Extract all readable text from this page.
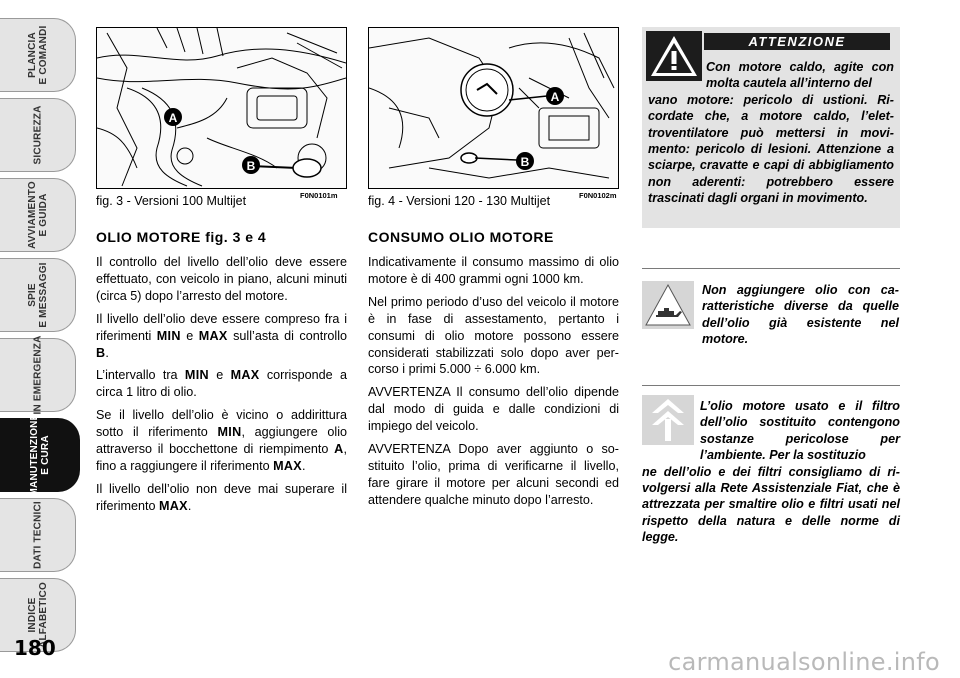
PLANCIA
E COMANDI
SICUREZZA
AVVIAMENTO
E GUIDA
SPIE
E MESSAGGI
IN EMERGENZA
MANUTENZIONE
E CURA
DATI TECNICI
INDICE
ALFABETICO
180
A
B
fig. 3 - Versioni 100 Multijet	F0N0101m
A
B
fig. 4 - Versioni 120 - 130 Multijet	F0N0102m
OLIO MOTORE fig. 3 e 4

Il controllo del livello dell’olio deve essere effettuato, con veicolo in piano, alcuni minuti (circa 5) dopo l’arresto del motore.

Il livello dell’olio deve essere compreso fra i riferimenti MIN e MAX sull’asta di controllo B.

L’intervallo tra MIN e MAX corrisponde a circa 1 litro di olio.

Se il livello dell’olio è vicino o addirittura sotto il riferimento MIN, aggiungere olio attraverso il bocchettone di riempimento A, fino a raggiungere il riferimento MAX.

Il livello dell’olio non deve mai superare il riferimento MAX.

CONSUMO OLIO MOTORE

Indicativamente il consumo massimo di olio motore è di 400 grammi ogni 1000 km.

Nel primo periodo d’uso del veicolo il motore è in fase di assestamento, pertanto i consumi di olio motore possono essere considerati stabilizzati solo dopo aver percorso i primi 5.000 ÷ 6.000 km.

AVVERTENZA Il consumo dell’olio dipende dal modo di guida e dalle condizioni di impiego del veicolo.

AVVERTENZA Dopo aver aggiunto o sostituito l’olio, prima di verificarne il livello, fare girare il motore per alcuni secondi ed attendere qualche minuto dopo l’arresto.

ATTENZIONE
Con motore caldo, agite con molta cautela all’interno del
vano motore: pericolo di ustioni. Ricordate che, a motore caldo, l’elettroventilatore può mettersi in movimento: pericolo di lesioni. Attenzione a sciarpe, cravatte e capi di abbigliamento non aderenti: potrebbero essere trascinati dagli organi in movimento.
Non aggiungere olio con caratteristiche diverse da quelle dell’olio già esistente nel motore.
L’olio motore usato e il filtro dell’olio sostituito contengono sostanze pericolose per l’ambiente. Per la sostituzio
ne dell’olio e dei filtri consigliamo di rivolgersi alla Rete Assistenziale Fiat, che è attrezzata per smaltire olio e filtri usati nel rispetto della natura e delle norme di legge.
carmanualsonline.info
